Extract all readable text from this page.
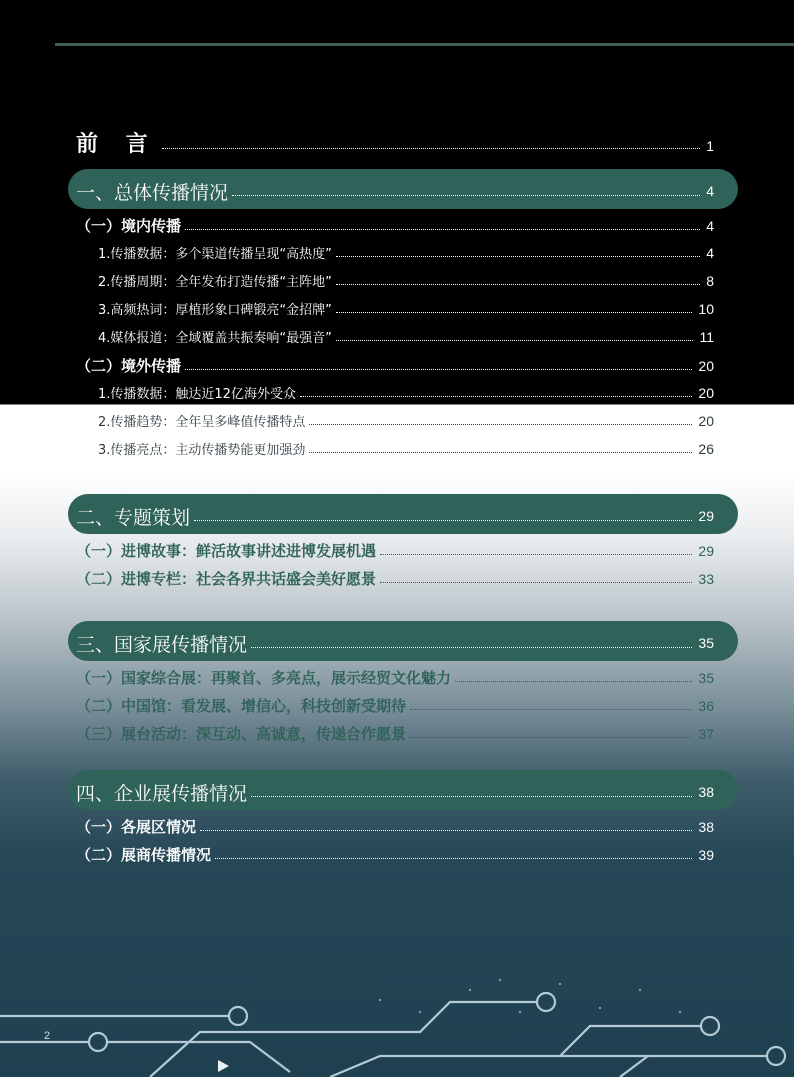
前 言	1
一、总体传播情况	4
（一）境内传播	4
1.传播数据：多个渠道传播呈现“高热度”	4
2.传播周期：全年发布打造传播“主阵地”	8
3.高频热词：厚植形象口碑锻亮“金招牌”	10
4.媒体报道：全域覆盖共振奏响“最强音”	11
（二）境外传播	20
1.传播数据：触达近12亿海外受众	20
2.传播趋势：全年呈多峰值传播特点	20
3.传播亮点：主动传播势能更加强劲	26
二、专题策划	29
（一）进博故事：鲜活故事讲述进博发展机遇	29
（二）进博专栏：社会各界共话盛会美好愿景	33
三、国家展传播情况	35
（一）国家综合展：再聚首、多亮点，展示经贸文化魅力	35
（二）中国馆：看发展、增信心，科技创新受期待	36
（三）展台活动：深互动、高诚意，传递合作愿景	37
四、企业展传播情况	38
（一）各展区情况	38
（二）展商传播情况	39
2
